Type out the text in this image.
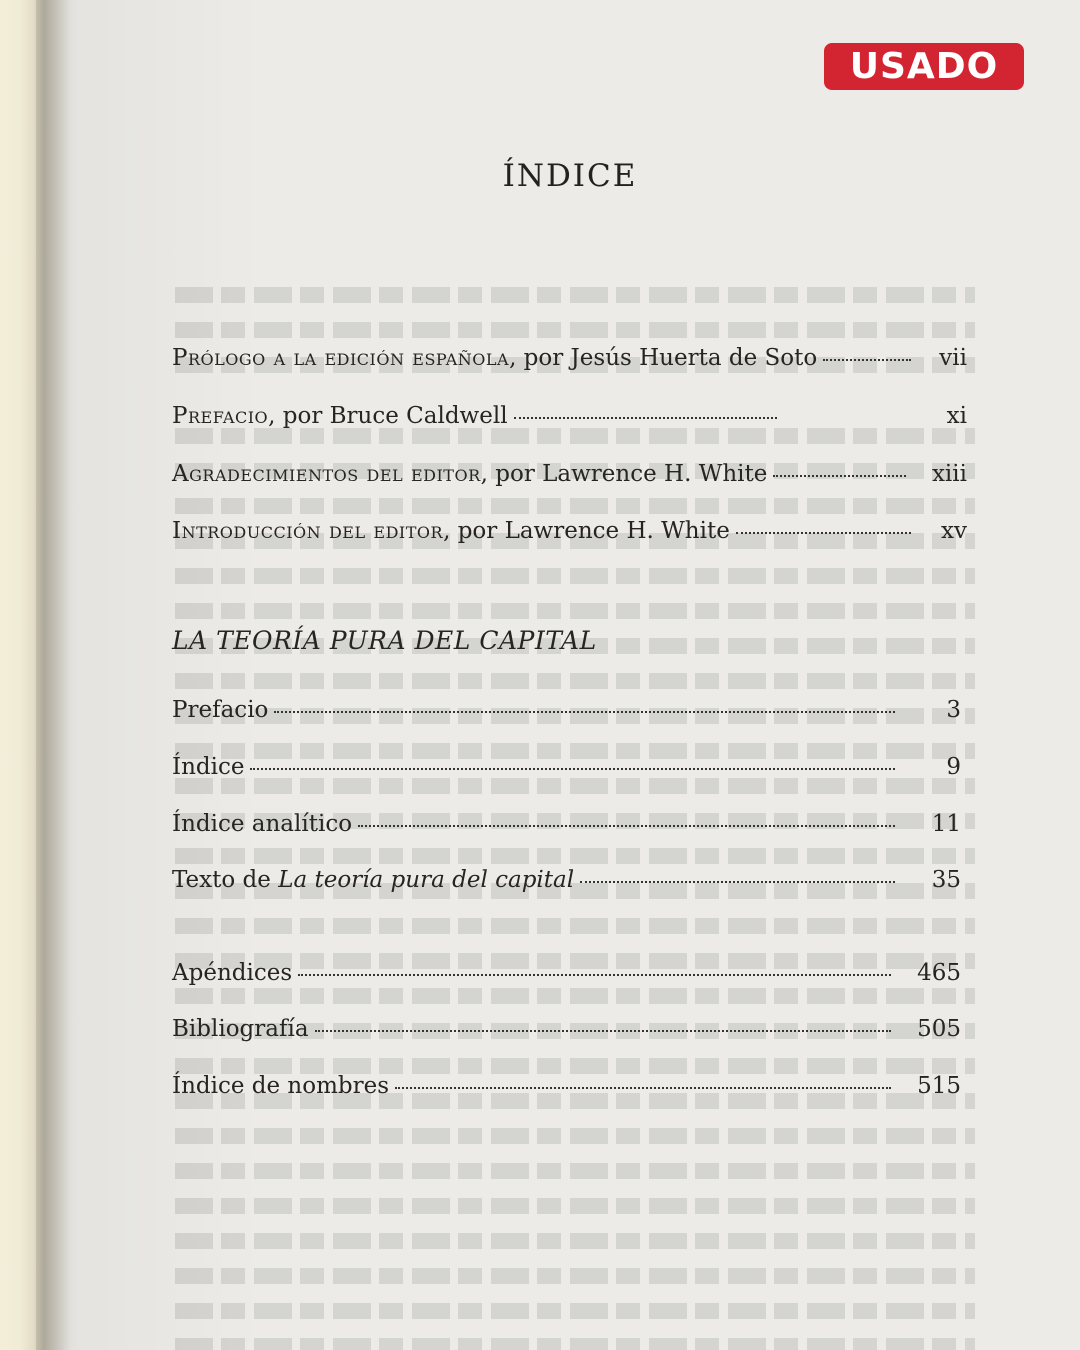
USADO
ÍNDICE
Prólogo a la edición española, por Jesús Huerta de Soto	vii
Prefacio, por Bruce Caldwell	xi
Agradecimientos del editor, por Lawrence H. White	xiii
Introducción del editor, por Lawrence H. White	xv
LA TEORÍA PURA DEL CAPITAL
Prefacio	3
Índice	9
Índice analítico	11
Texto de La teoría pura del capital	35
Apéndices	465
Bibliografía	505
Índice de nombres	515
